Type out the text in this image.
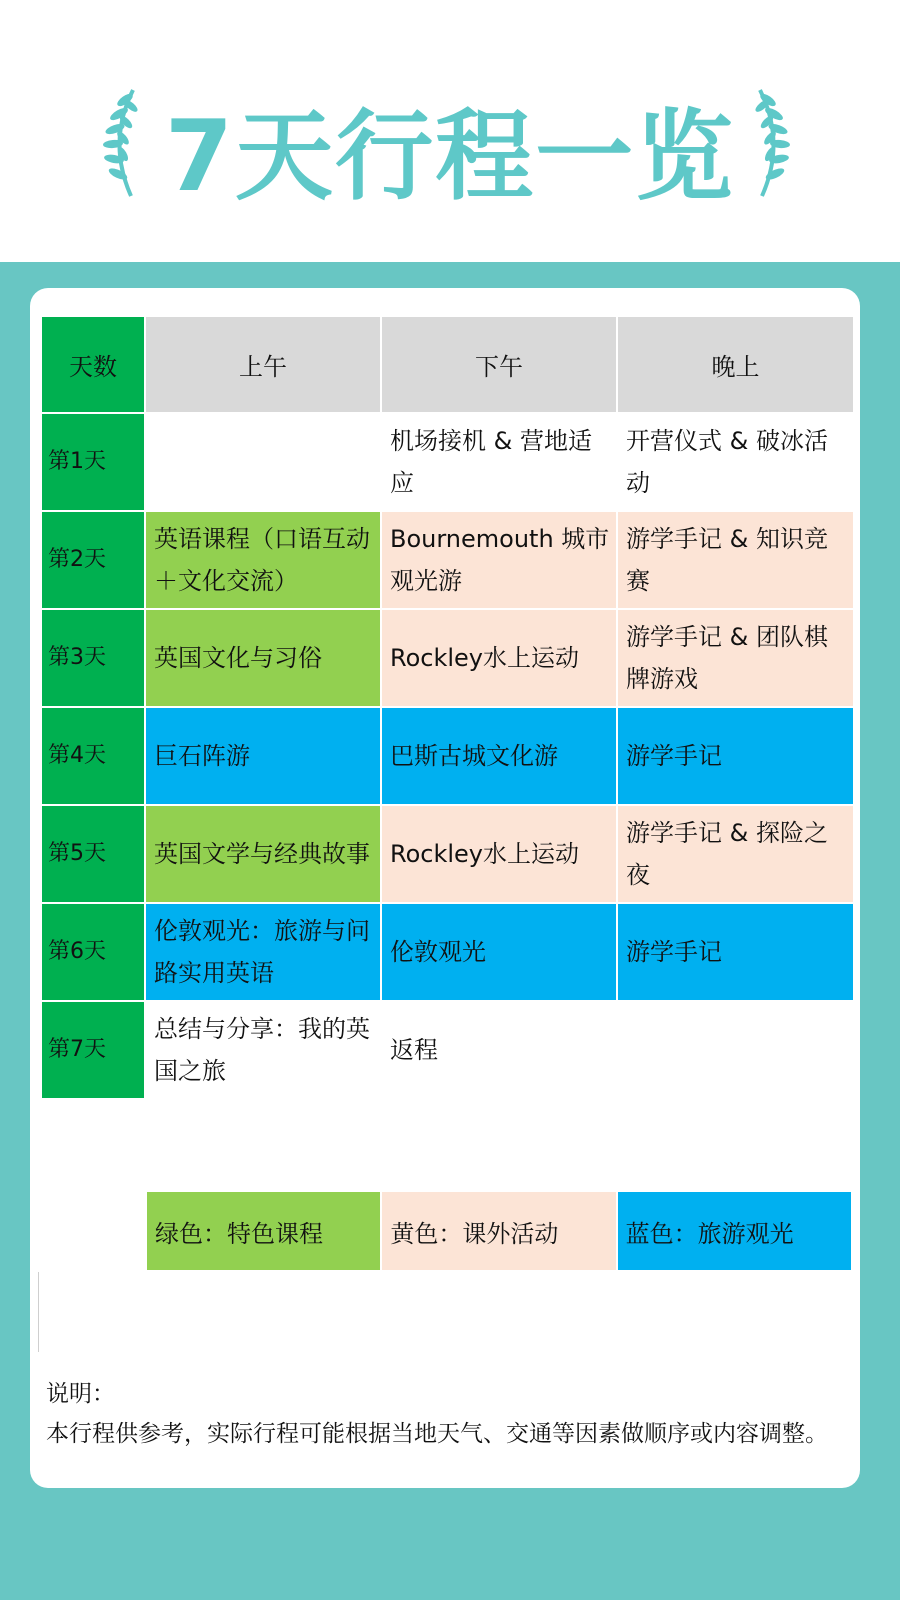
7天行程一览
天数	上午	下午	晚上
第1天		机场接机 & 营地适应	开营仪式 & 破冰活动
第2天	英语课程（口语互动＋文化交流）	Bournemouth 城市观光游	游学手记 & 知识竞赛
第3天	英国文化与习俗	Rockley水上运动	游学手记 & 团队棋牌游戏
第4天	巨石阵游	巴斯古城文化游	游学手记
第5天	英国文学与经典故事	Rockley水上运动	游学手记 & 探险之夜
第6天	伦敦观光：旅游与问路实用英语	伦敦观光	游学手记
第7天	总结与分享：我的英国之旅	返程	
绿色：特色课程	黄色：课外活动	蓝色：旅游观光
说明：
本行程供参考，实际行程可能根据当地天气、交通等因素做顺序或内容调整。
